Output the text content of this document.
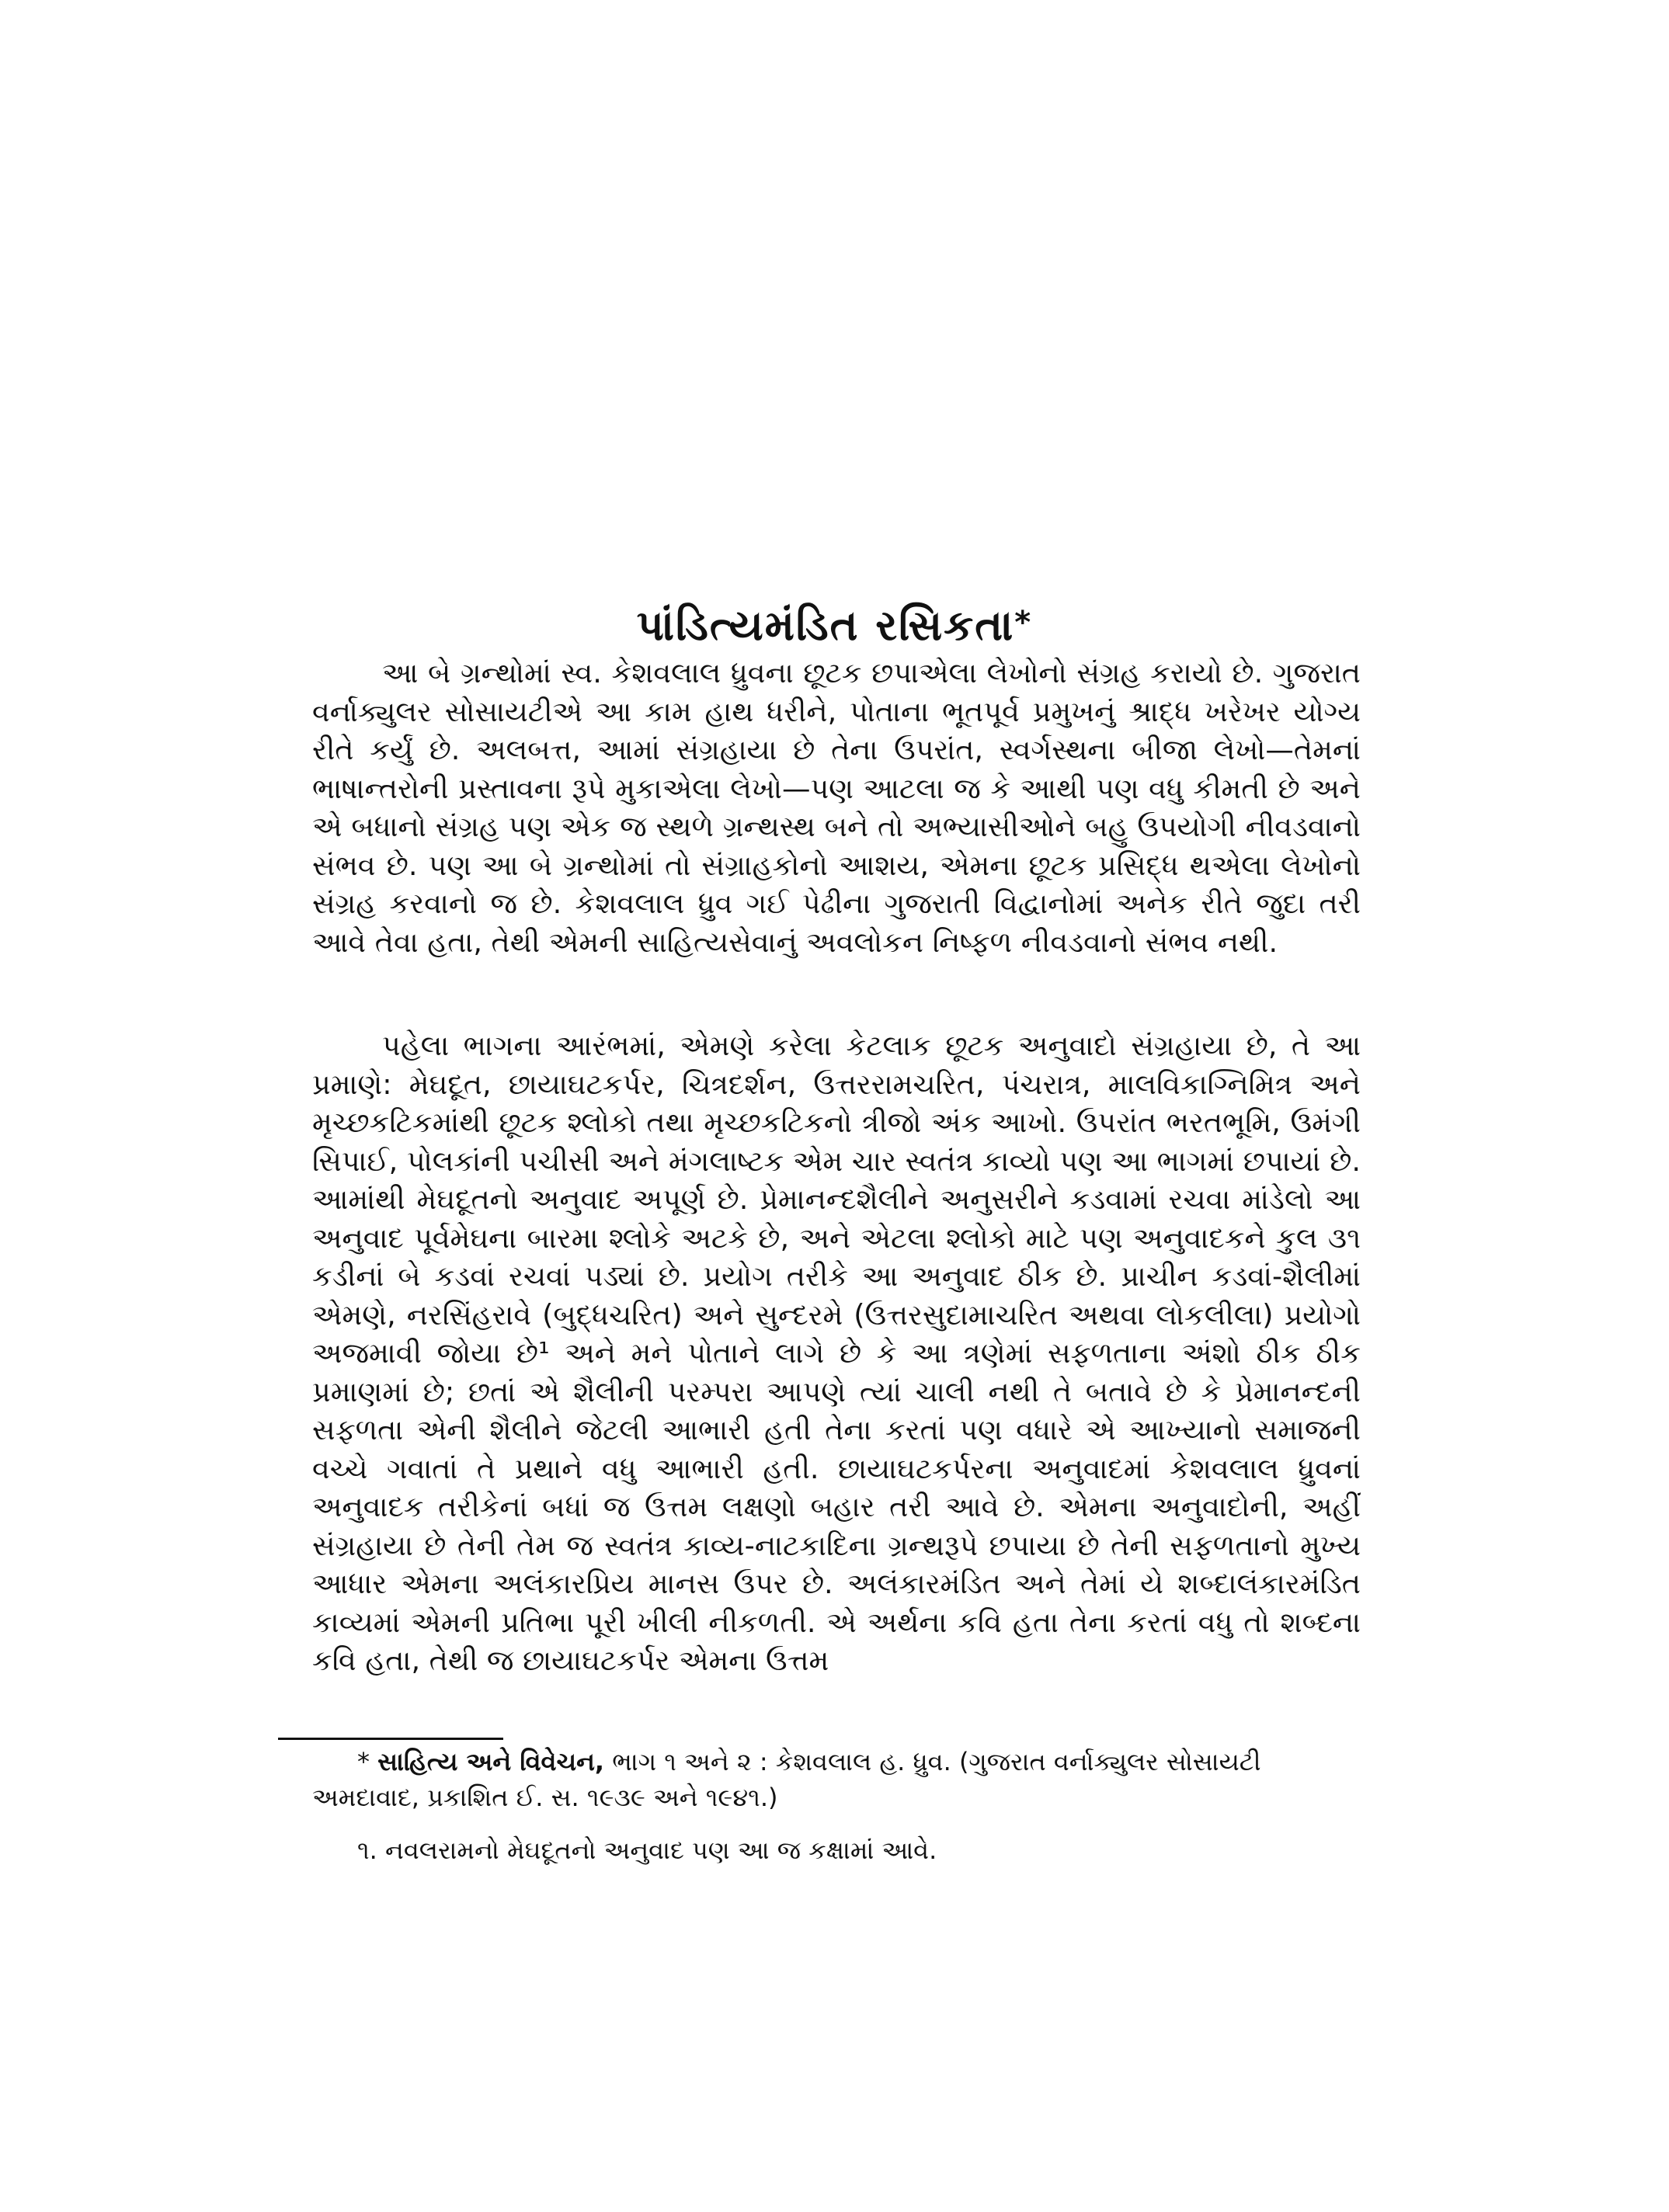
પાંડિત્યમંડિત રસિકતા*

આ બે ગ્રન્થોમાં સ્વ. કેશવલાલ ધ્રુવના છૂટક છપાએલા લેખોનો સંગ્રહ કરાયો છે. ગુજરાત વર્નાક્યુલર સોસાયટીએ આ કામ હાથ ધરીને, પોતાના ભૂતપૂર્વ પ્રમુખનું શ્રાદ્ધ ખરેખર યોગ્ય રીતે કર્યું છે. અલબત્ત, આમાં સંગ્રહાયા છે તેના ઉપરાંત, સ્વર્ગસ્થના બીજા લેખો—તેમનાં ભાષાન્તરોની પ્રસ્તાવના રૂપે મુકાએલા લેખો—પણ આટલા જ કે આથી પણ વધુ કીમતી છે અને એ બધાનો સંગ્રહ પણ એક જ સ્થળે ગ્રન્થસ્થ બને તો અભ્યાસીઓને બહુ ઉપયોગી નીવડવાનો સંભવ છે. પણ આ બે ગ્રન્થોમાં તો સંગ્રાહકોનો આશય, એમના છૂટક પ્રસિદ્ધ થએલા લેખોનો સંગ્રહ કરવાનો જ છે. કેશવલાલ ધ્રુવ ગઈ પેઢીના ગુજરાતી વિદ્વાનોમાં અનેક રીતે જુદા તરી આવે તેવા હતા, તેથી એમની સાહિત્યસેવાનું અવલોકન નિષ્ફળ નીવડવાનો સંભવ નથી.

પહેલા ભાગના આરંભમાં, એમણે કરેલા કેટલાક છૂટક અનુવાદો સંગ્રહાયા છે, તે આ પ્રમાણે: મેઘદૂત, છાયાઘટકર્પર, ચિત્રદર્શન, ઉત્તરરામચરિત, પંચરાત્ર, માલવિકાગ્નિમિત્ર અને મૃચ્છકટિકમાંથી છૂટક શ્લોકો તથા મૃચ્છકટિકનો ત્રીજો અંક આખો. ઉપરાંત ભરતભૂમિ, ઉમંગી સિપાઈ, પોલકાંની પચીસી અને મંગલાષ્ટક એમ ચાર સ્વતંત્ર કાવ્યો પણ આ ભાગમાં છપાયાં છે. આમાંથી મેઘદૂતનો અનુવાદ અપૂર્ણ છે. પ્રેમાનન્દશૈલીને અનુસરીને કડવામાં રચવા માંડેલો આ અનુવાદ પૂર્વમેઘના બારમા શ્લોકે અટકે છે, અને એટલા શ્લોકો માટે પણ અનુવાદકને કુલ ૩૧ કડીનાં બે કડવાં રચવાં પડ્યાં છે. પ્રયોગ તરીકે આ અનુવાદ ઠીક છે. પ્રાચીન કડવાં-શૈલીમાં એમણે, નરસિંહરાવે (બુદ્ધચરિત) અને સુન્દરમે (ઉત્તરસુદામાચરિત અથવા લોકલીલા) પ્રયોગો અજમાવી જોયા છે¹ અને મને પોતાને લાગે છે કે આ ત્રણેમાં સફળતાના અંશો ઠીક ઠીક પ્રમાણમાં છે; છતાં એ શૈલીની પરમ્પરા આપણે ત્યાં ચાલી નથી તે બતાવે છે કે પ્રેમાનન્દની સફળતા એની શૈલીને જેટલી આભારી હતી તેના કરતાં પણ વધારે એ આખ્યાનો સમાજની વચ્ચે ગવાતાં તે પ્રથાને વધુ આભારી હતી. છાયાઘટકર્પરના અનુવાદમાં કેશવલાલ ધ્રુવનાં અનુવાદક તરીકેનાં બધાં જ ઉત્તમ લક્ષણો બહાર તરી આવે છે. એમના અનુવાદોની, અહીં સંગ્રહાયા છે તેની તેમ જ સ્વતંત્ર કાવ્ય-નાટકાદિના ગ્રન્થરૂપે છપાયા છે તેની સફળતાનો મુખ્ય આધાર એમના અલંકારપ્રિય માનસ ઉપર છે. અલંકારમંડિત અને તેમાં યે શબ્દાલંકારમંડિત કાવ્યમાં એમની પ્રતિભા પૂરી ખીલી નીકળતી. એ અર્થના કવિ હતા તેના કરતાં વધુ તો શબ્દના કવિ હતા, તેથી જ છાયાઘટકર્પર એમના ઉત્તમ

* સાહિત્ય અને વિવેચન, ભાગ ૧ અને ૨ : કેશવલાલ હ. ધ્રુવ. (ગુજરાત વર્નાક્યુલર સોસાયટી અમદાવાદ, પ્રકાશિત ઈ. સ. ૧૯૩૯ અને ૧૯૪૧.)

૧. નવલરામનો મેઘદૂતનો અનુવાદ પણ આ જ કક્ષામાં આવે.
